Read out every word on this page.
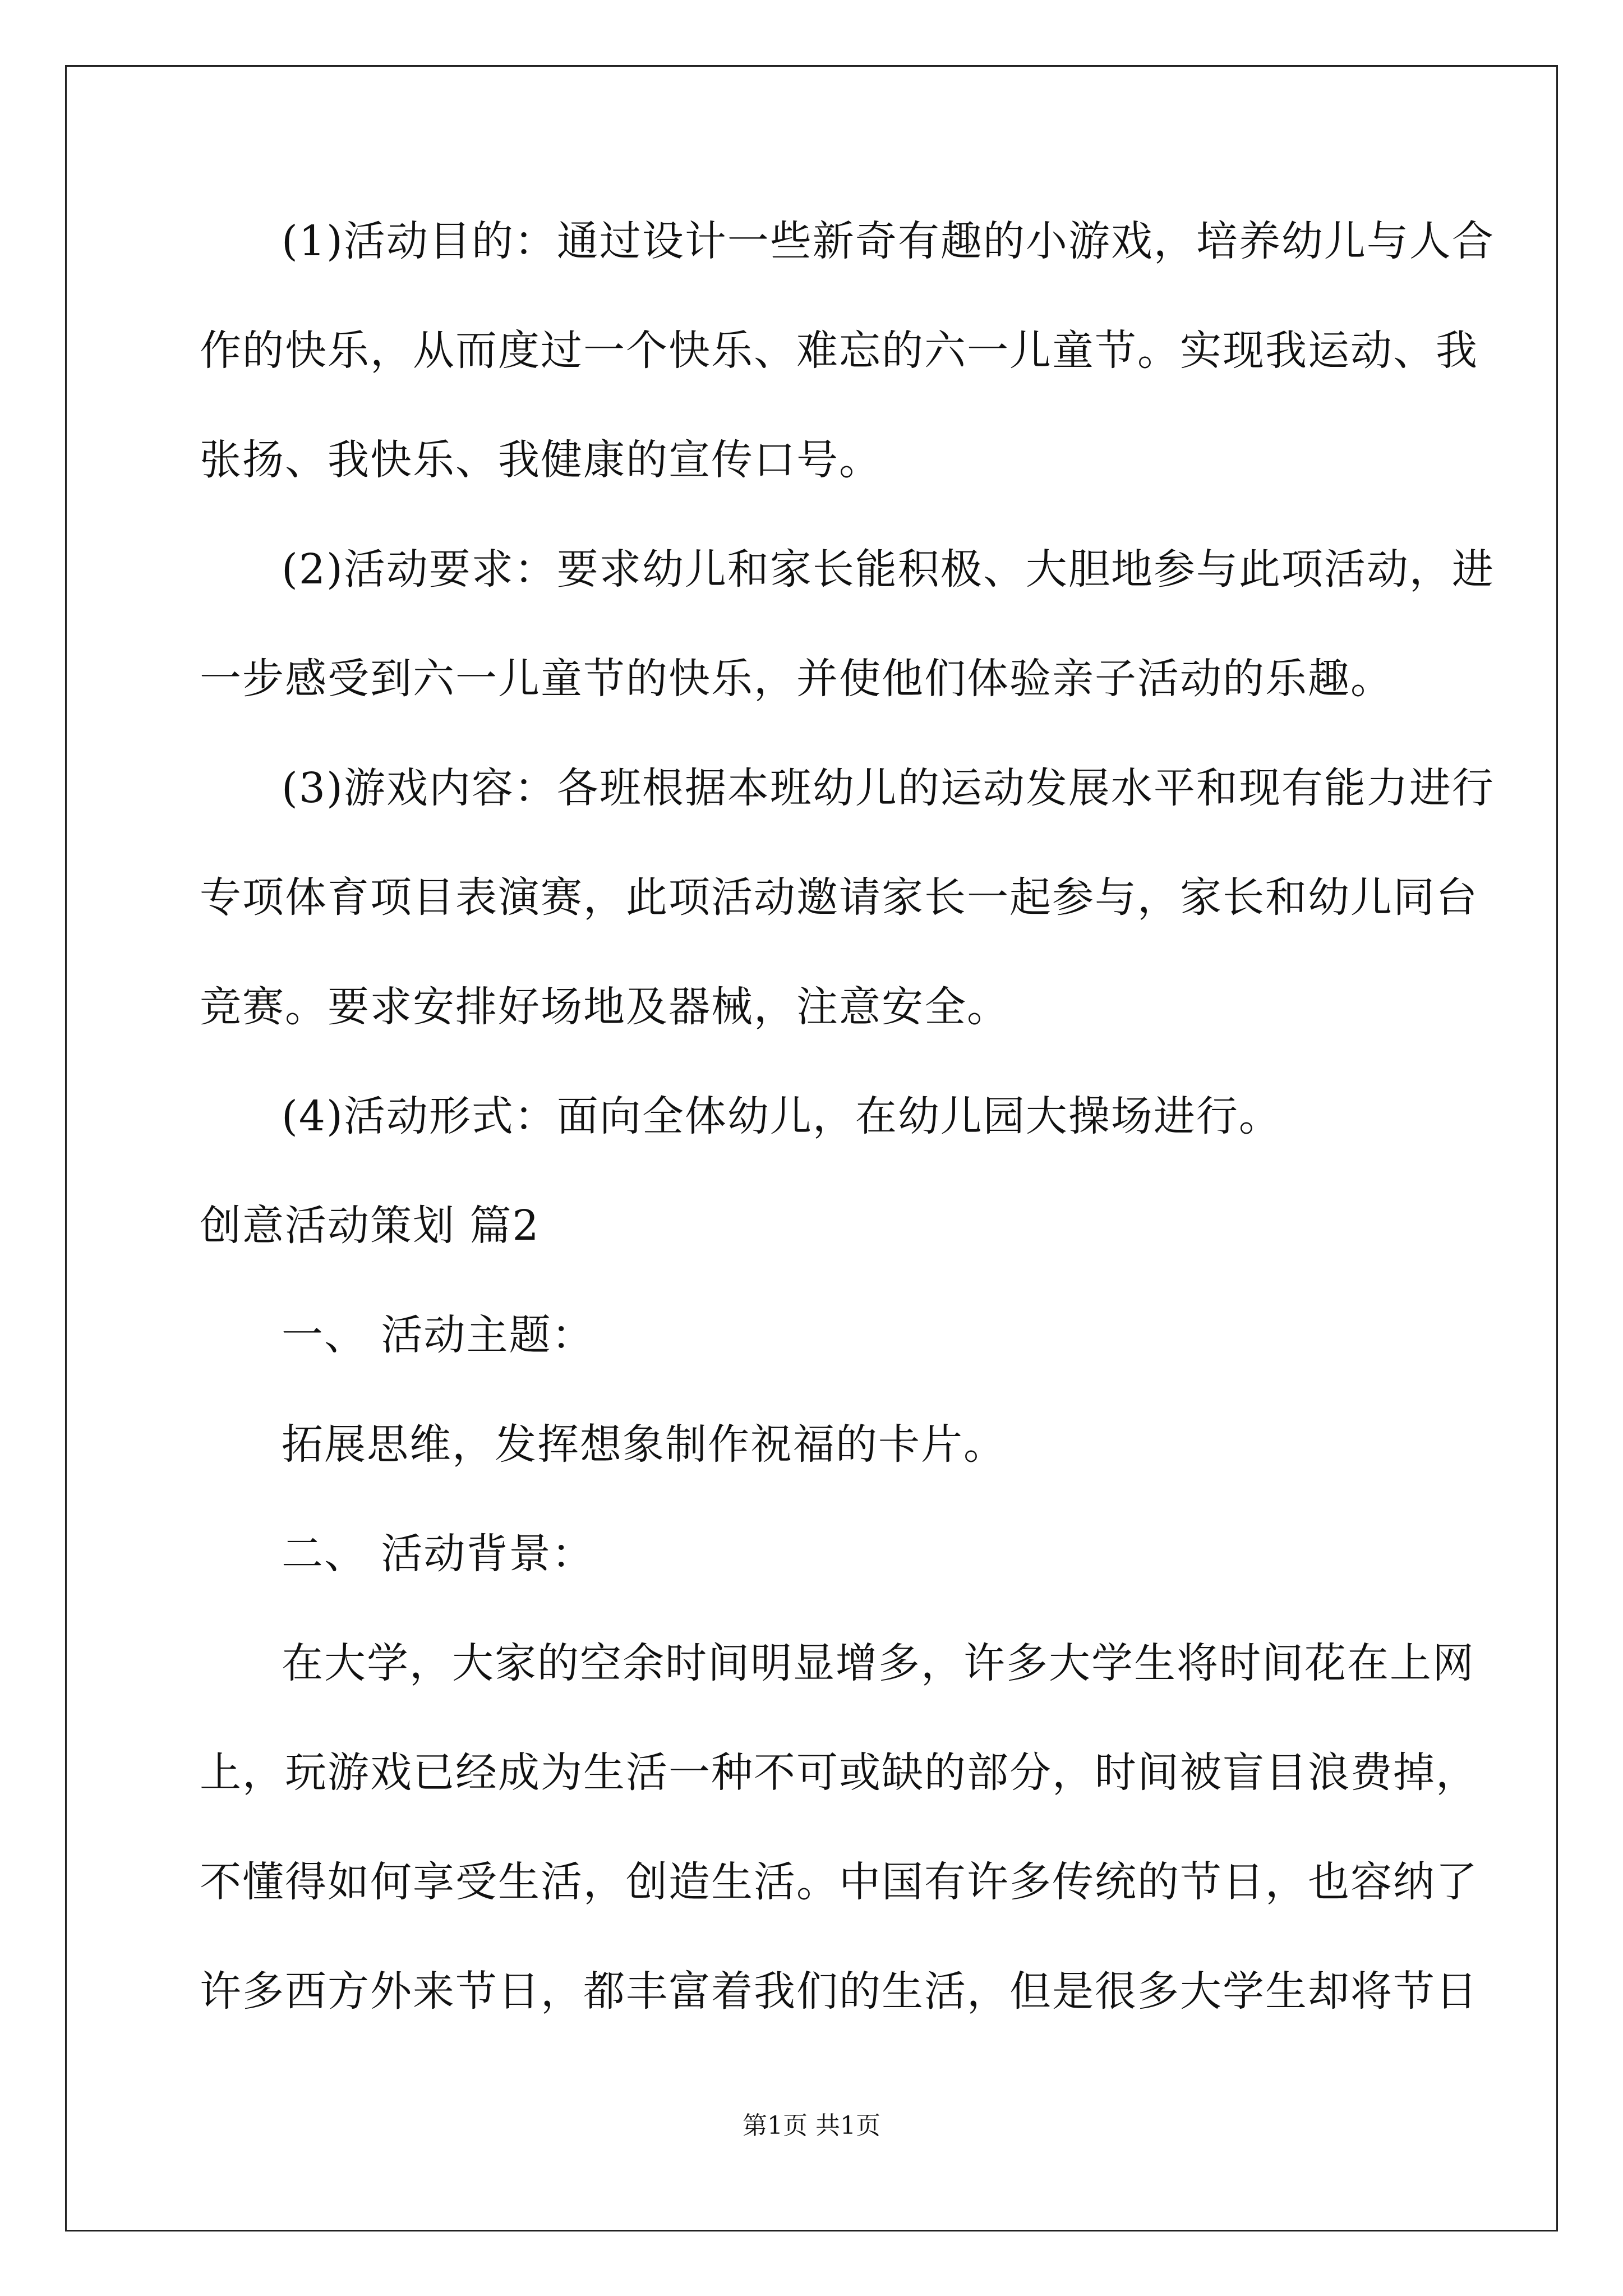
(1)活动目的：通过设计一些新奇有趣的小游戏，培养幼儿与人合
作的快乐，从而度过一个快乐、难忘的六一儿童节。实现我运动、我
张扬、我快乐、我健康的宣传口号。
(2)活动要求：要求幼儿和家长能积极、大胆地参与此项活动，进
一步感受到六一儿童节的快乐，并使他们体验亲子活动的乐趣。
(3)游戏内容：各班根据本班幼儿的运动发展水平和现有能力进行
专项体育项目表演赛，此项活动邀请家长一起参与，家长和幼儿同台
竞赛。要求安排好场地及器械，注意安全。
(4)活动形式：面向全体幼儿，在幼儿园大操场进行。
创意活动策划 篇2
一、 活动主题：
拓展思维，发挥想象制作祝福的卡片。
二、 活动背景：
在大学，大家的空余时间明显增多，许多大学生将时间花在上网
上，玩游戏已经成为生活一种不可或缺的部分，时间被盲目浪费掉，
不懂得如何享受生活，创造生活。中国有许多传统的节日，也容纳了
许多西方外来节日，都丰富着我们的生活，但是很多大学生却将节日
第1页 共1页
